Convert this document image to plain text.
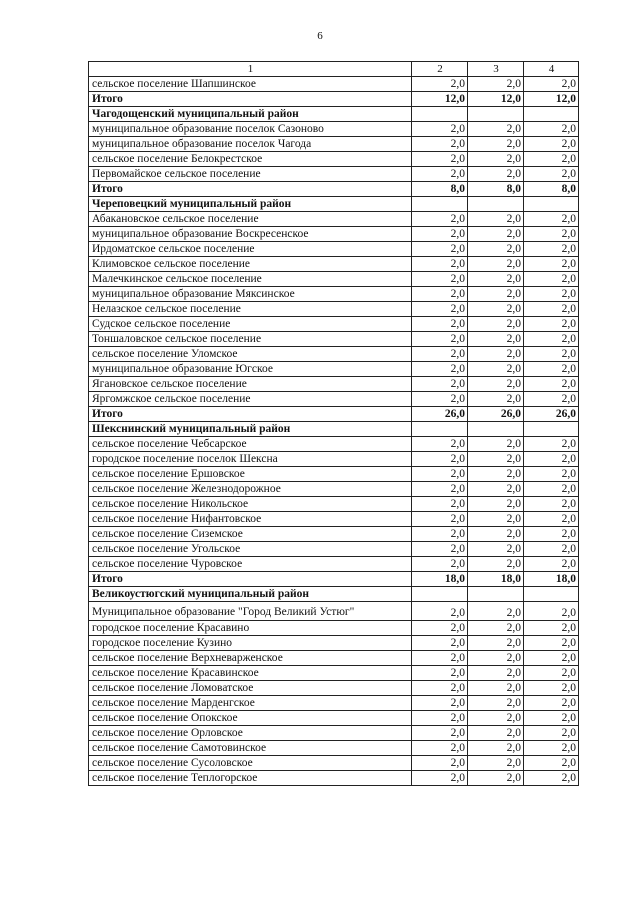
6
1	2	3	4
сельское поселение Шапшинское	2,0	2,0	2,0
Итого	12,0	12,0	12,0
Чагодощенский муниципальный район			
муниципальное образование поселок Сазоново	2,0	2,0	2,0
муниципальное образование поселок Чагода	2,0	2,0	2,0
сельское поселение Белокрестское	2,0	2,0	2,0
Первомайское сельское поселение	2,0	2,0	2,0
Итого	8,0	8,0	8,0
Череповецкий муниципальный район			
Абакановское сельское поселение	2,0	2,0	2,0
муниципальное образование Воскресенское	2,0	2,0	2,0
Ирдоматское сельское поселение	2,0	2,0	2,0
Климовское сельское поселение	2,0	2,0	2,0
Малечкинское сельское поселение	2,0	2,0	2,0
муниципальное образование Мяксинское	2,0	2,0	2,0
Нелазское сельское поселение	2,0	2,0	2,0
Судское сельское поселение	2,0	2,0	2,0
Тоншаловское сельское поселение	2,0	2,0	2,0
сельское поселение Уломское	2,0	2,0	2,0
муниципальное образование Югское	2,0	2,0	2,0
Ягановское сельское поселение	2,0	2,0	2,0
Яргомжское сельское поселение	2,0	2,0	2,0
Итого	26,0	26,0	26,0
Шекснинский муниципальный район			
сельское поселение Чебсарское	2,0	2,0	2,0
городское поселение поселок Шексна	2,0	2,0	2,0
сельское поселение Ершовское	2,0	2,0	2,0
сельское поселение Железнодорожное	2,0	2,0	2,0
сельское поселение Никольское	2,0	2,0	2,0
сельское поселение Нифантовское	2,0	2,0	2,0
сельское поселение Сиземское	2,0	2,0	2,0
сельское поселение Угольское	2,0	2,0	2,0
сельское поселение Чуровское	2,0	2,0	2,0
Итого	18,0	18,0	18,0
Великоустюгский муниципальный район			
Муниципальное образование "Город Великий Устюг"	2,0	2,0	2,0
городское поселение Красавино	2,0	2,0	2,0
городское поселение Кузино	2,0	2,0	2,0
сельское поселение Верхневарженское	2,0	2,0	2,0
сельское поселение Красавинское	2,0	2,0	2,0
сельское поселение Ломоватское	2,0	2,0	2,0
сельское поселение Марденгское	2,0	2,0	2,0
сельское поселение Опокское	2,0	2,0	2,0
сельское поселение Орловское	2,0	2,0	2,0
сельское поселение Самотовинское	2,0	2,0	2,0
сельское поселение Сусоловское	2,0	2,0	2,0
сельское поселение Теплогорское	2,0	2,0	2,0
